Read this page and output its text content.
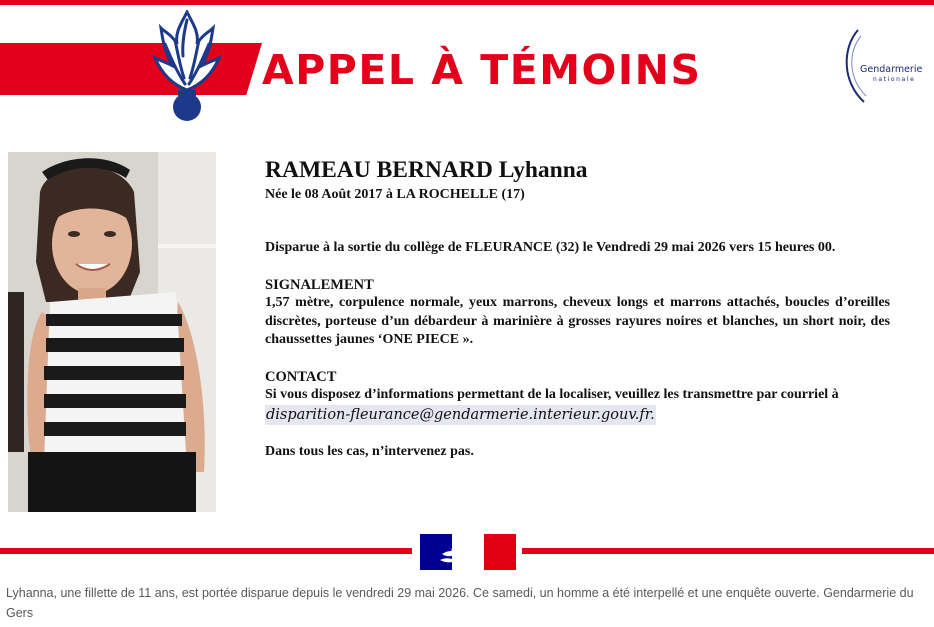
APPEL À TÉMOINS	Gendarmerie
nationale
RAMEAU BERNARD Lyhanna
Née le 08 Août 2017 à LA ROCHELLE (17)
Disparue à la sortie du collège de FLEURANCE (32) le Vendredi 29 mai 2026 vers 15 heures 00.
SIGNALEMENT
1,57 mètre, corpulence normale, yeux marrons, cheveux longs et marrons attachés, boucles d’oreilles discrètes, porteuse d’un débardeur à marinière à grosses rayures noires et blanches, un short noir, des chaussettes jaunes ‘ONE PIECE ».
CONTACT
Si vous disposez d’informations permettant de la localiser, veuillez les transmettre par courriel à
disparition-fleurance@gendarmerie.interieur.gouv.fr.
Dans tous les cas, n’intervenez pas.
Lyhanna, une fillette de 11 ans, est portée disparue depuis le vendredi 29 mai 2026. Ce samedi, un homme a été interpellé et une enquête ouverte. Gendarmerie du Gers
